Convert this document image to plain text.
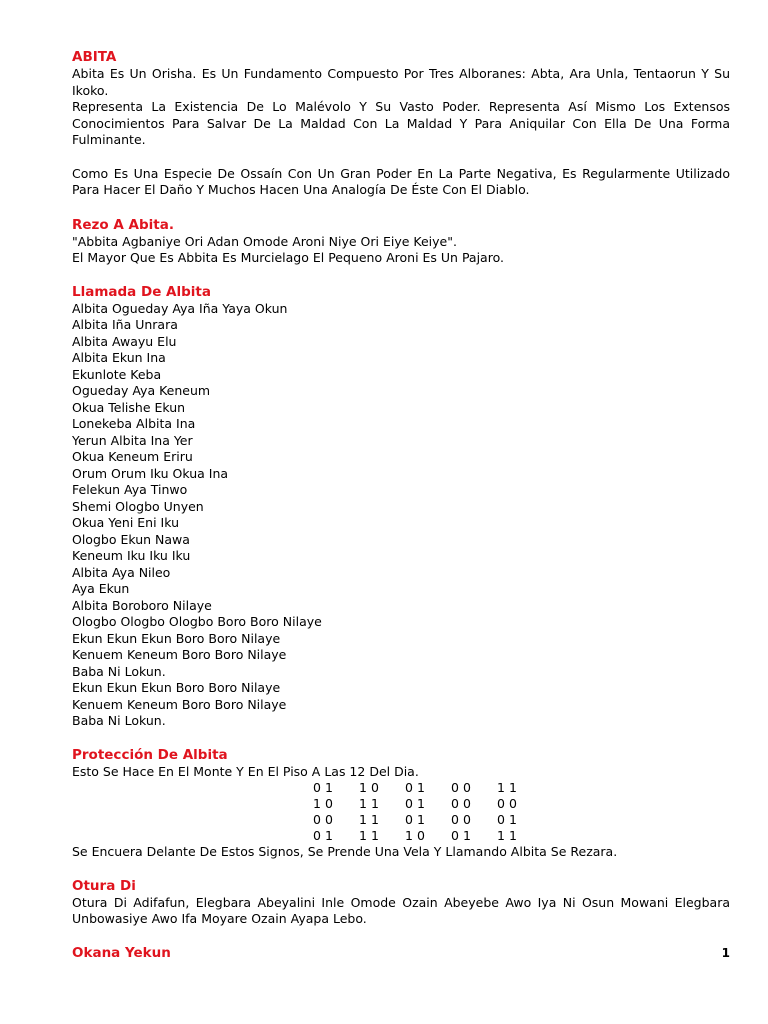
ABITA

Abita Es Un Orisha. Es Un Fundamento Compuesto Por Tres Alboranes: Abta, Ara Unla, Tentaorun Y Su Ikoko.

Representa La Existencia De Lo Malévolo Y Su Vasto Poder. Representa Así Mismo Los Extensos Conocimientos Para Salvar De La Maldad Con La Maldad Y Para Aniquilar Con Ella De Una Forma Fulminante.

Como Es Una Especie De Ossaín Con Un Gran Poder En La Parte Negativa, Es Regularmente Utilizado Para Hacer El Daño Y Muchos Hacen Una Analogía De Éste Con El Diablo.

Rezo A Abita.

"Abbita Agbaniye Ori Adan Omode Aroni Niye Ori Eiye Keiye".

El Mayor Que Es Abbita Es Murcielago El Pequeno Aroni Es Un Pajaro.

Llamada De Albita

Albita Ogueday Aya Iña Yaya Okun

Albita Iña Unrara

Albita Awayu Elu

Albita Ekun Ina

Ekunlote Keba

Ogueday Aya Keneum

Okua Telishe Ekun

Lonekeba Albita Ina

Yerun Albita Ina Yer

Okua Keneum Eriru

Orum Orum Iku Okua Ina

Felekun Aya Tinwo

Shemi Ologbo Unyen

Okua Yeni Eni Iku

Ologbo Ekun Nawa

Keneum Iku Iku Iku

Albita Aya Nileo

Aya Ekun

Albita Boroboro Nilaye

Ologbo Ologbo Ologbo Boro Boro Nilaye

Ekun Ekun Ekun Boro Boro Nilaye

Kenuem Keneum Boro Boro Nilaye

Baba Ni Lokun.

Ekun Ekun Ekun Boro Boro Nilaye

Kenuem Keneum Boro Boro Nilaye

Baba Ni Lokun.

Protección De Albita

Esto Se Hace En El Monte Y En El Piso A Las 12 Del Dia.

0 1	1 0	0 1	0 0	1 1
1 0	1 1	0 1	0 0	0 0
0 0	1 1	0 1	0 0	0 1
0 1	1 1	1 0	0 1	1 1

Se Encuera Delante De Estos Signos, Se Prende Una Vela Y Llamando Albita Se Rezara.

Otura Di

Otura Di Adifafun, Elegbara Abeyalini Inle Omode Ozain Abeyebe Awo Iya Ni Osun Mowani Elegbara Unbowasiye Awo Ifa Moyare Ozain Ayapa Lebo.

Okana Yekun	1
